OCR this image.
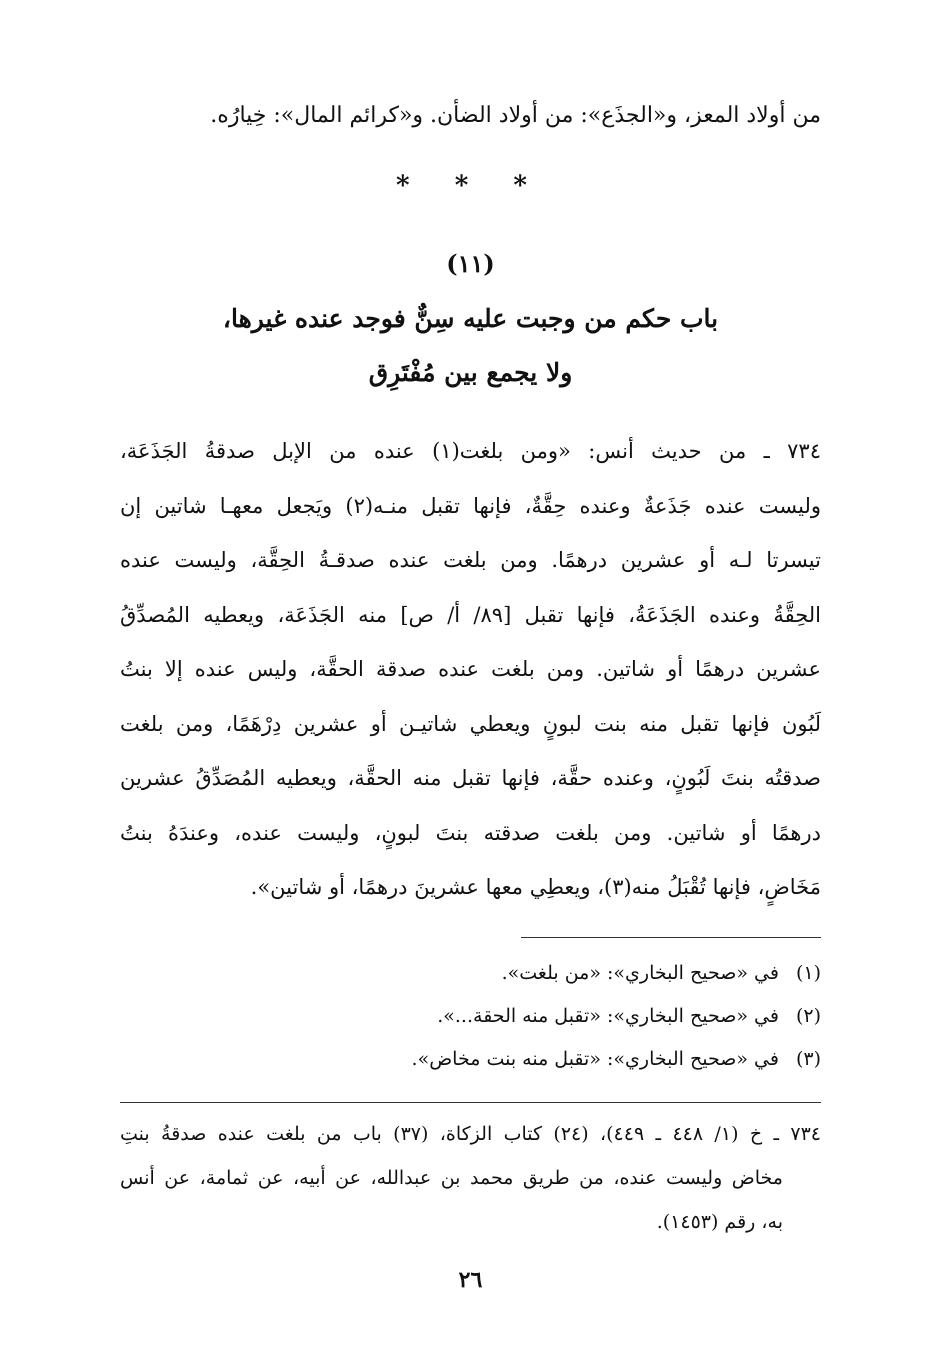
من أولاد المعز، و«الجذَع»: من أولاد الضأن. و«كرائم المال»: خِيارُه.
* * *
(١١)
باب حكم من وجبت عليه سِنٌّ فوجد عنده غيرها،
ولا يجمع بين مُفْتَرِق
٧٣٤ ـ من حديث أنس: «ومن بلغت(١) عنده من الإبل صدقةُ الجَذَعَة،
وليست عنده جَذَعةٌ وعنده حِقَّةٌ، فإنها تقبل منـه(٢) ويَجعل معهـا شاتين إن
تيسرتا لـه أو عشرين درهمًا. ومن بلغت عنده صدقـةُ الحِقَّة، وليست عنده
الحِقَّةُ وعنده الجَذَعَةُ، فإنها تقبل [٨٩/ أ/ ص] منه الجَذَعَة، ويعطيه المُصدِّقُ
عشرين درهمًا أو شاتين. ومن بلغت عنده صدقة الحقَّة، وليس عنده إلا بنتُ
لَبُون فإنها تقبل منه بنت لبونٍ ويعطي شاتيـن أو عشرين دِرْهَمًا، ومن بلغت
صدقتُه بنتَ لَبُونٍ، وعنده حقَّة، فإنها تقبل منه الحقَّة، ويعطيه المُصَدِّقُ عشرين
درهمًا أو شاتين. ومن بلغت صدقته بنتَ لبونٍ، وليست عنده، وعندَهُ بنتُ
مَخَاضٍ، فإنها تُقْبَلُ منه(٣)، ويعطِي معها عشرينَ درهمًا، أو شاتين».
(١) في «صحيح البخاري»: «من بلغت».
(٢) في «صحيح البخاري»: «تقبل منه الحقة...».
(٣) في «صحيح البخاري»: «تقبل منه بنت مخاض».
٧٣٤ ـ خ (١/ ٤٤٨ ـ ٤٤٩)، (٢٤) كتاب الزكاة، (٣٧) باب من بلغت عنده صدقةُ بنتِ
مخاض وليست عنده، من طريق محمد بن عبدالله، عن أبيه، عن ثمامة، عن أنس
به، رقم (١٤٥٣).
٢٦
